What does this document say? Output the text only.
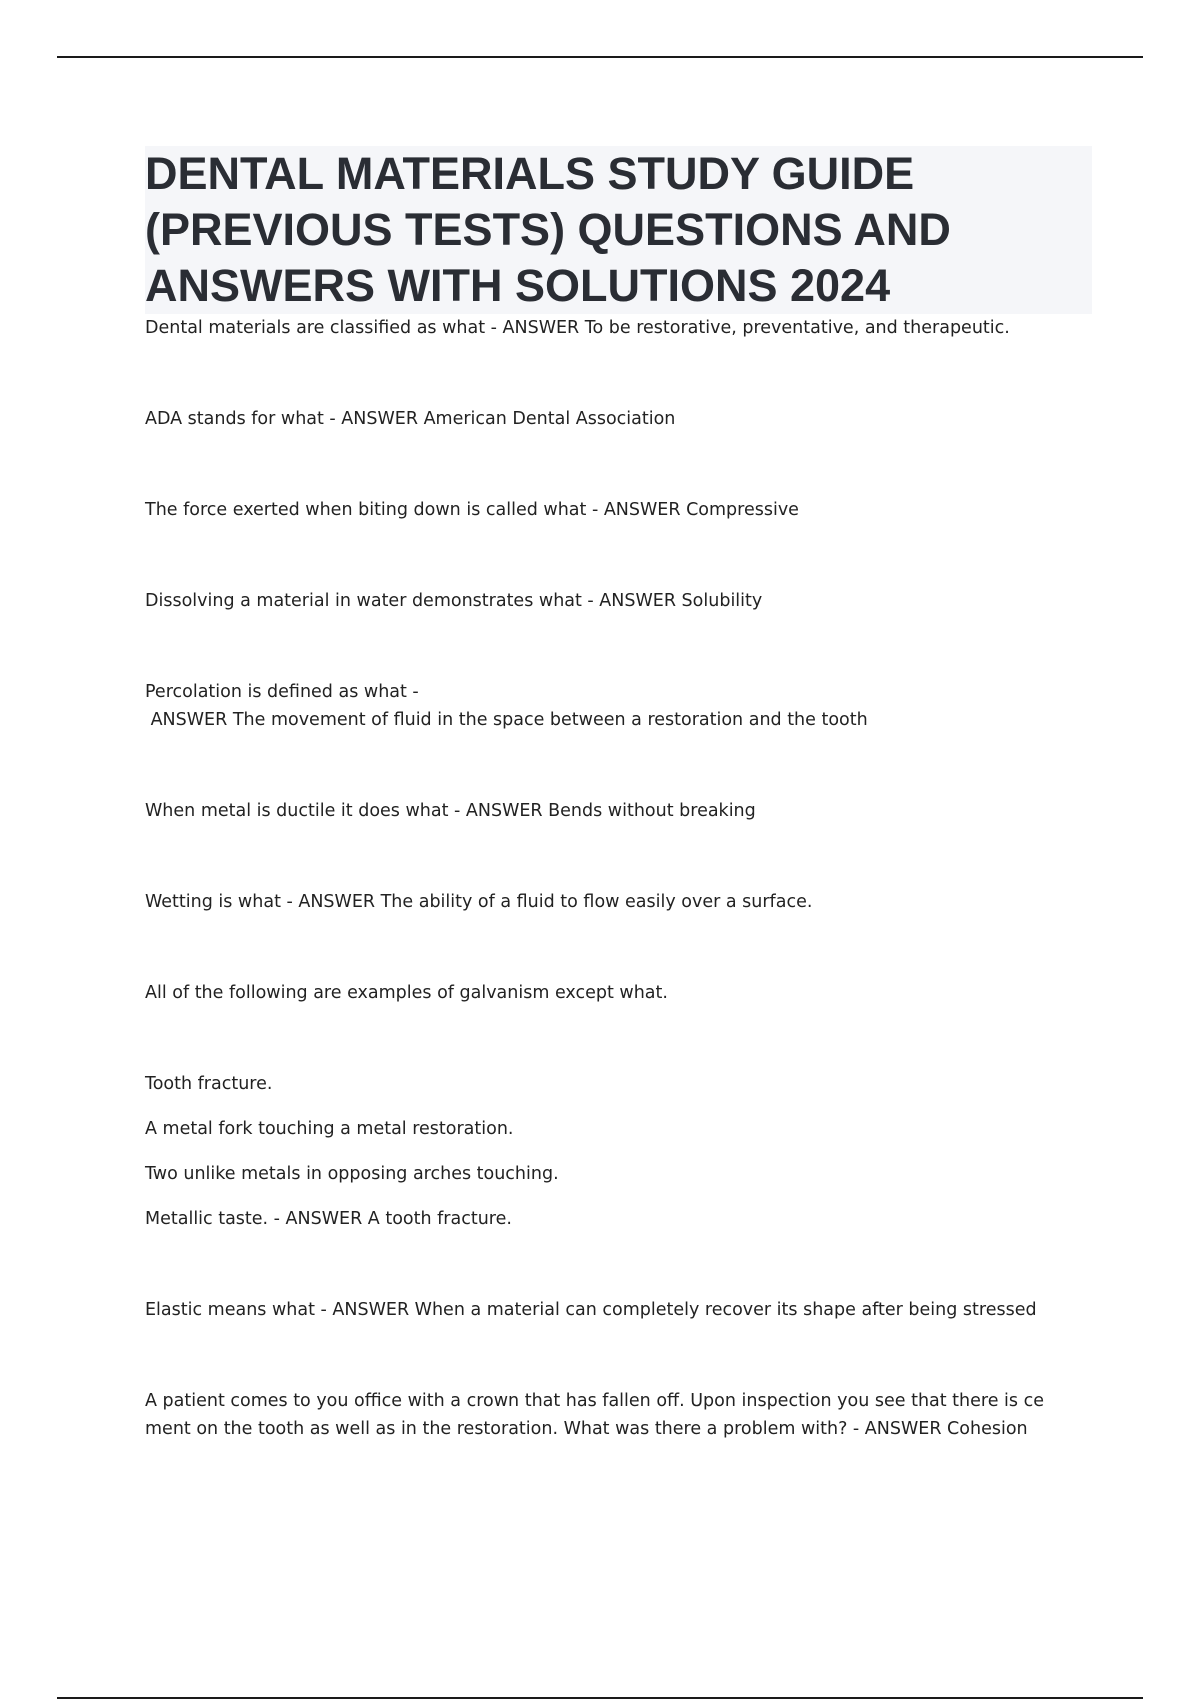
DENTAL MATERIALS STUDY GUIDE (PREVIOUS TESTS) QUESTIONS AND ANSWERS WITH SOLUTIONS 2024

Dental materials are classified as what - ANSWER To be restorative, preventative, and therapeutic.

ADA stands for what - ANSWER American Dental Association

The force exerted when biting down is called what - ANSWER Compressive

Dissolving a material in water demonstrates what - ANSWER Solubility

Percolation is defined as what -
ANSWER The movement of fluid in the space between a restoration and the tooth

When metal is ductile it does what - ANSWER Bends without breaking

Wetting is what - ANSWER The ability of a fluid to flow easily over a surface.

All of the following are examples of galvanism except what.

Tooth fracture.

A metal fork touching a metal restoration.

Two unlike metals in opposing arches touching.

Metallic taste. - ANSWER A tooth fracture.

Elastic means what - ANSWER When a material can completely recover its shape after being stressed

A patient comes to you office with a crown that has fallen off. Upon inspection you see that there is ce
ment on the tooth as well as in the restoration. What was there a problem with? - ANSWER Cohesion
